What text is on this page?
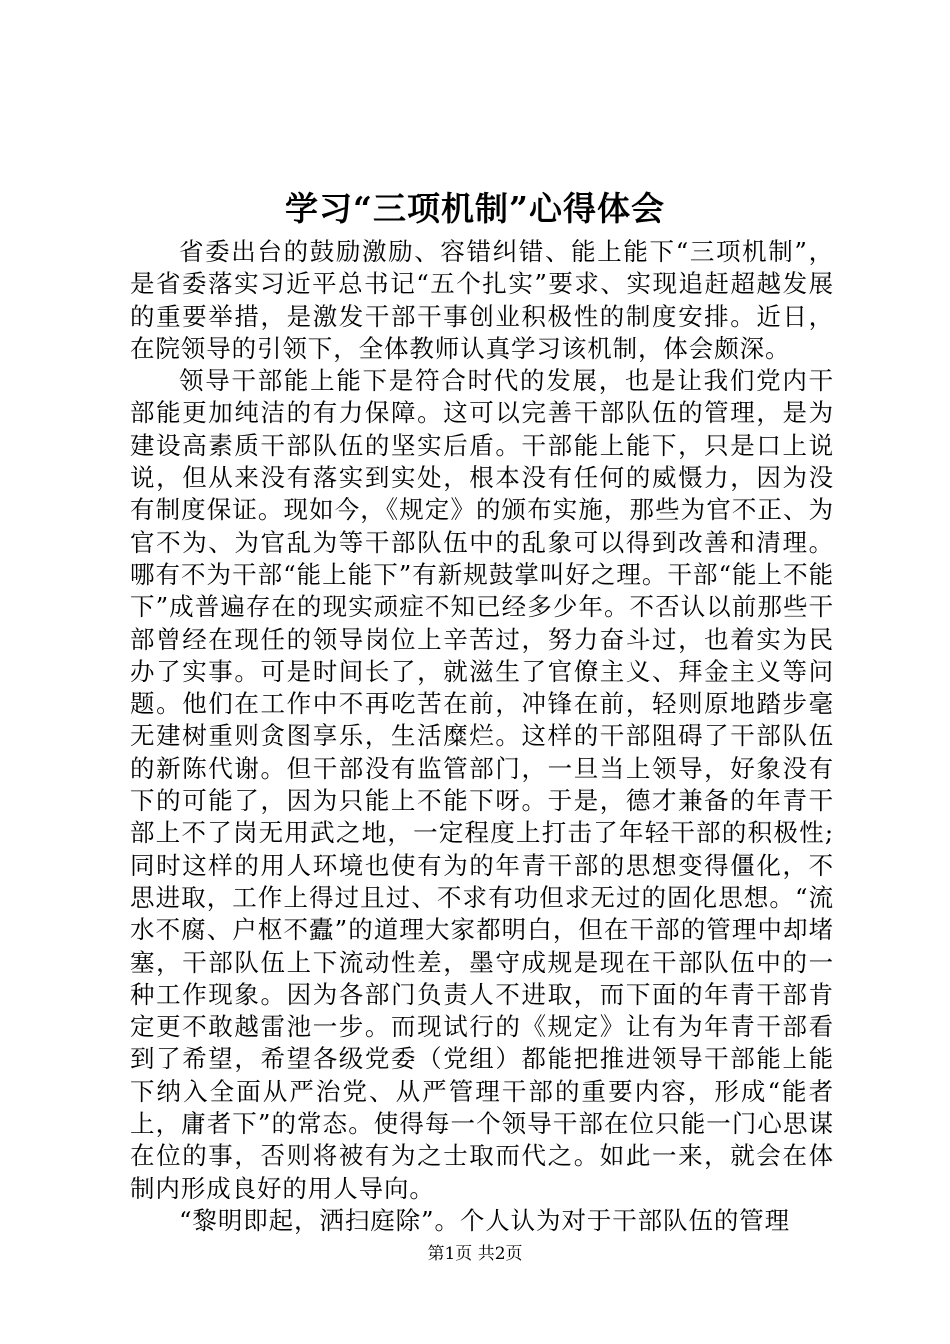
学习“三项机制”心得体会

省委出台的鼓励激励、容错纠错、能上能下“三项机制”，是省委落实习近平总书记“五个扎实”要求、实现追赶超越发展的重要举措，是激发干部干事创业积极性的制度安排。近日，在院领导的引领下，全体教师认真学习该机制，体会颇深。

领导干部能上能下是符合时代的发展，也是让我们党内干部能更加纯洁的有力保障。这可以完善干部队伍的管理，是为建设高素质干部队伍的坚实后盾。干部能上能下，只是口上说说，但从来没有落实到实处，根本没有任何的威慑力，因为没有制度保证。现如今，《规定》的颁布实施，那些为官不正、为官不为、为官乱为等干部队伍中的乱象可以得到改善和清理。哪有不为干部“能上能下”有新规鼓掌叫好之理。干部“能上不能下”成普遍存在的现实顽症不知已经多少年。不否认以前那些干部曾经在现任的领导岗位上辛苦过，努力奋斗过，也着实为民办了实事。可是时间长了，就滋生了官僚主义、拜金主义等问题。他们在工作中不再吃苦在前，冲锋在前，轻则原地踏步毫无建树重则贪图享乐，生活糜烂。这样的干部阻碍了干部队伍的新陈代谢。但干部没有监管部门，一旦当上领导，好象没有下的可能了，因为只能上不能下呀。于是，德才兼备的年青干部上不了岗无用武之地，一定程度上打击了年轻干部的积极性;同时这样的用人环境也使有为的年青干部的思想变得僵化，不思进取，工作上得过且过、不求有功但求无过的固化思想。“流水不腐、户枢不蠹”的道理大家都明白，但在干部的管理中却堵塞，干部队伍上下流动性差，墨守成规是现在干部队伍中的一种工作现象。因为各部门负责人不进取，而下面的年青干部肯定更不敢越雷池一步。而现试行的《规定》让有为年青干部看到了希望，希望各级党委（党组）都能把推进领导干部能上能下纳入全面从严治党、从严管理干部的重要内容，形成“能者上，庸者下”的常态。使得每一个领导干部在位只能一门心思谋在位的事，否则将被有为之士取而代之。如此一来，就会在体制内形成良好的用人导向。

“黎明即起，洒扫庭除”。个人认为对于干部队伍的管理

第1页 共2页
